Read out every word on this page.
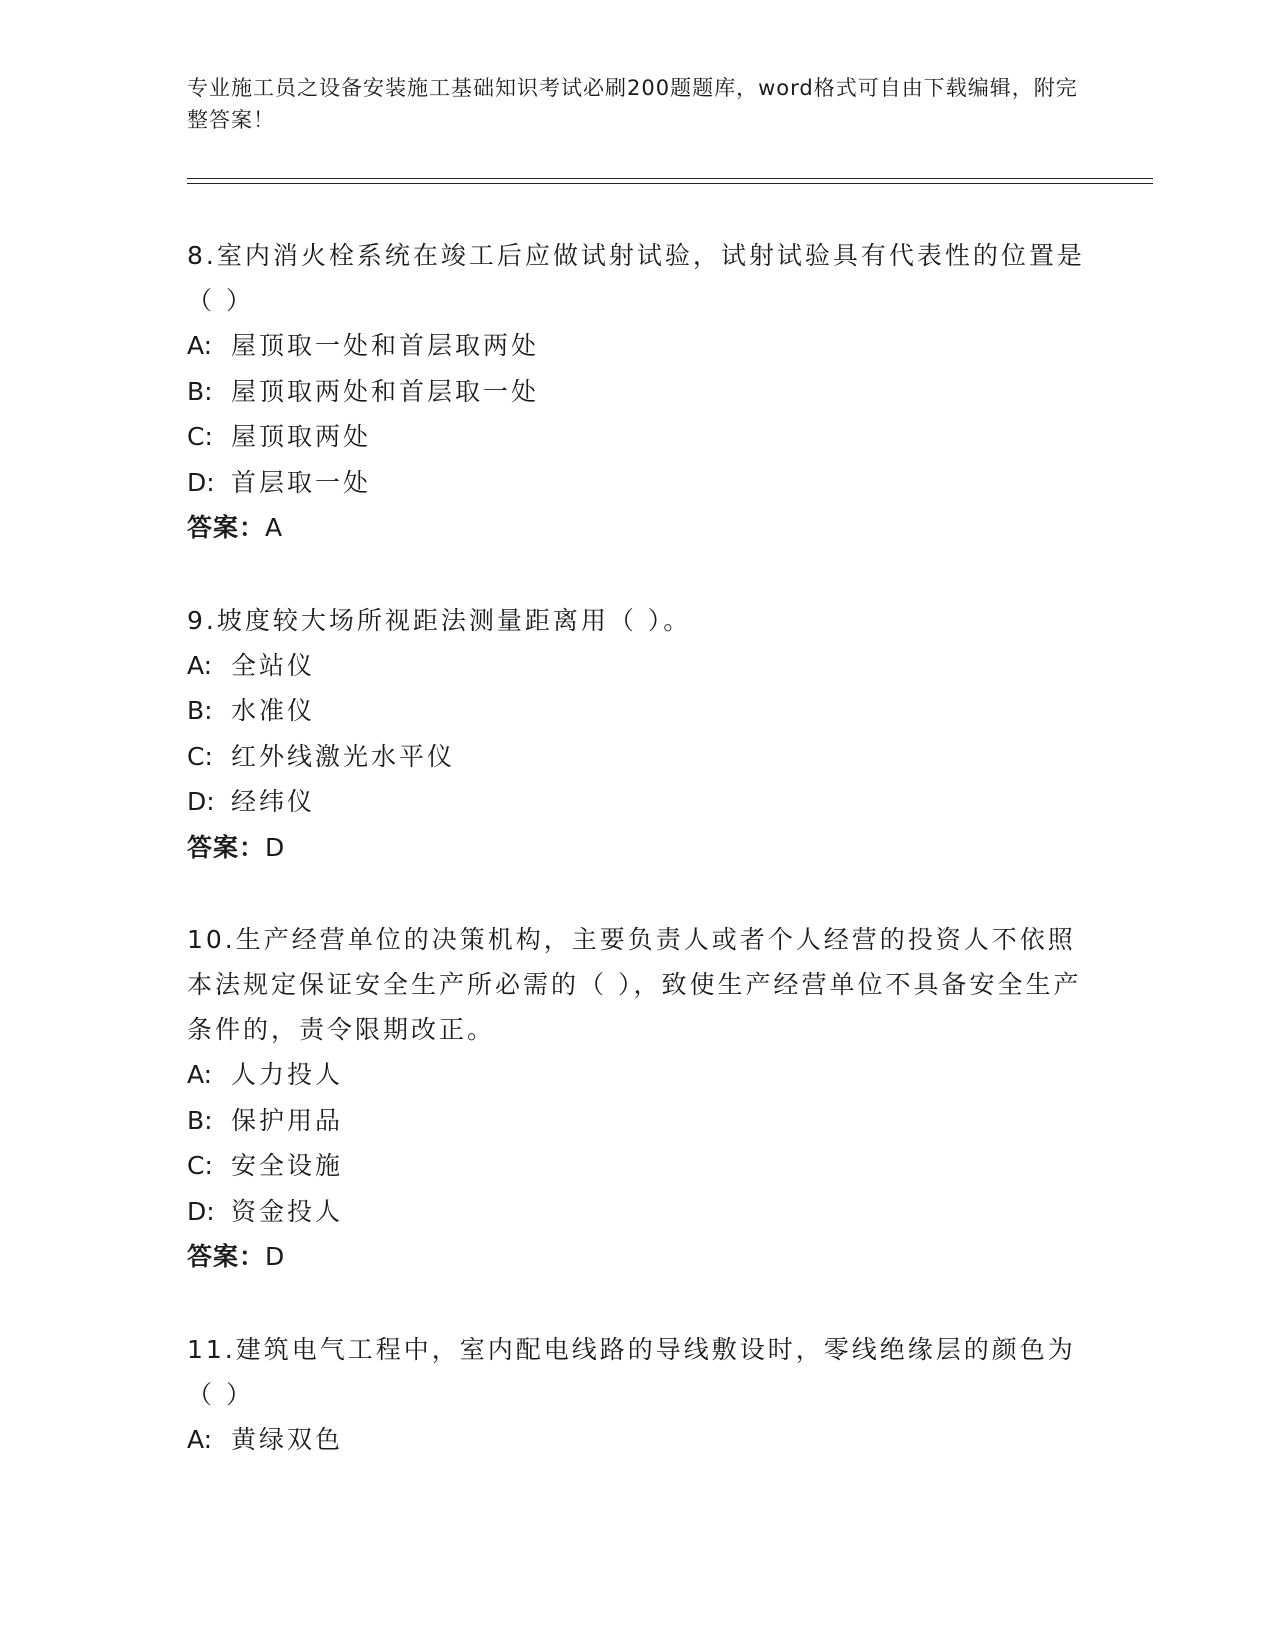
专业施工员之设备安装施工基础知识考试必刷200题题库，word格式可自由下载编辑，附完整答案！
8.室内消火栓系统在竣工后应做试射试验，试射试验具有代表性的位置是（ ）
A: 屋顶取一处和首层取两处
B: 屋顶取两处和首层取一处
C: 屋顶取两处
D: 首层取一处
答案：A
9.坡度较大场所视距法测量距离用（ ）。
A: 全站仪
B: 水准仪
C: 红外线激光水平仪
D: 经纬仪
答案：D
10.生产经营单位的决策机构，主要负责人或者个人经营的投资人不依照本法规定保证安全生产所必需的（ ），致使生产经营单位不具备安全生产条件的，责令限期改正。
A: 人力投人
B: 保护用品
C: 安全设施
D: 资金投人
答案：D
11.建筑电气工程中，室内配电线路的导线敷设时，零线绝缘层的颜色为（ ）
A: 黄绿双色
